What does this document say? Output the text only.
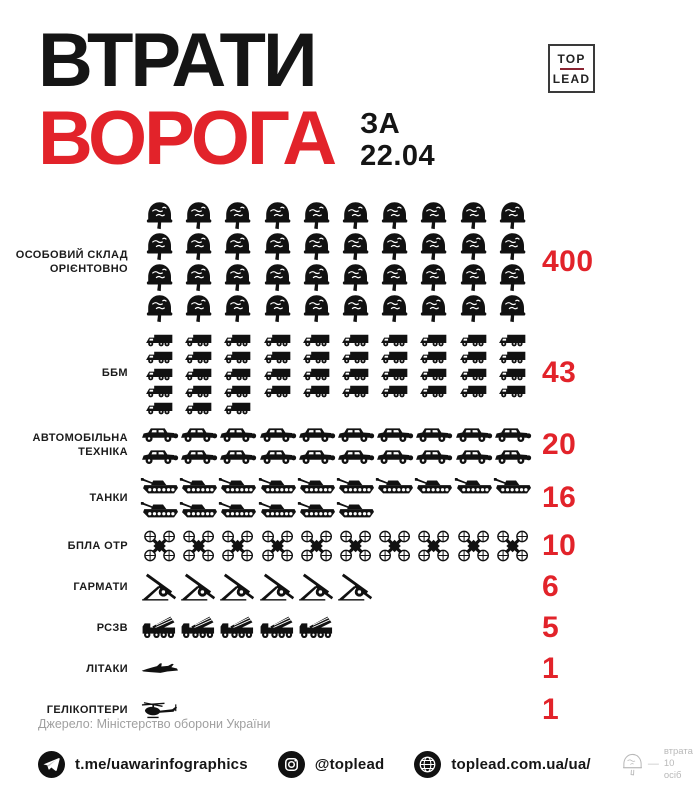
ВТРАТИ
ВОРОГА ЗА
22.04
TOP
LEAD
ОСОБОВИЙ СКЛАД ОРІЄНТОВНО	400
ББМ	43
АВТОМОБІЛЬНА ТЕХНІКА	20
ТАНКИ	16
БПЛА ОТР	10
ГАРМАТИ	6
РСЗВ	5
ЛІТАКИ	1
ГЕЛІКОПТЕРИ	1
Джерело: Міністерство оборони України
t.me/uawarinfographics	@toplead	toplead.com.ua/ua/	—
втрата
10 осіб
